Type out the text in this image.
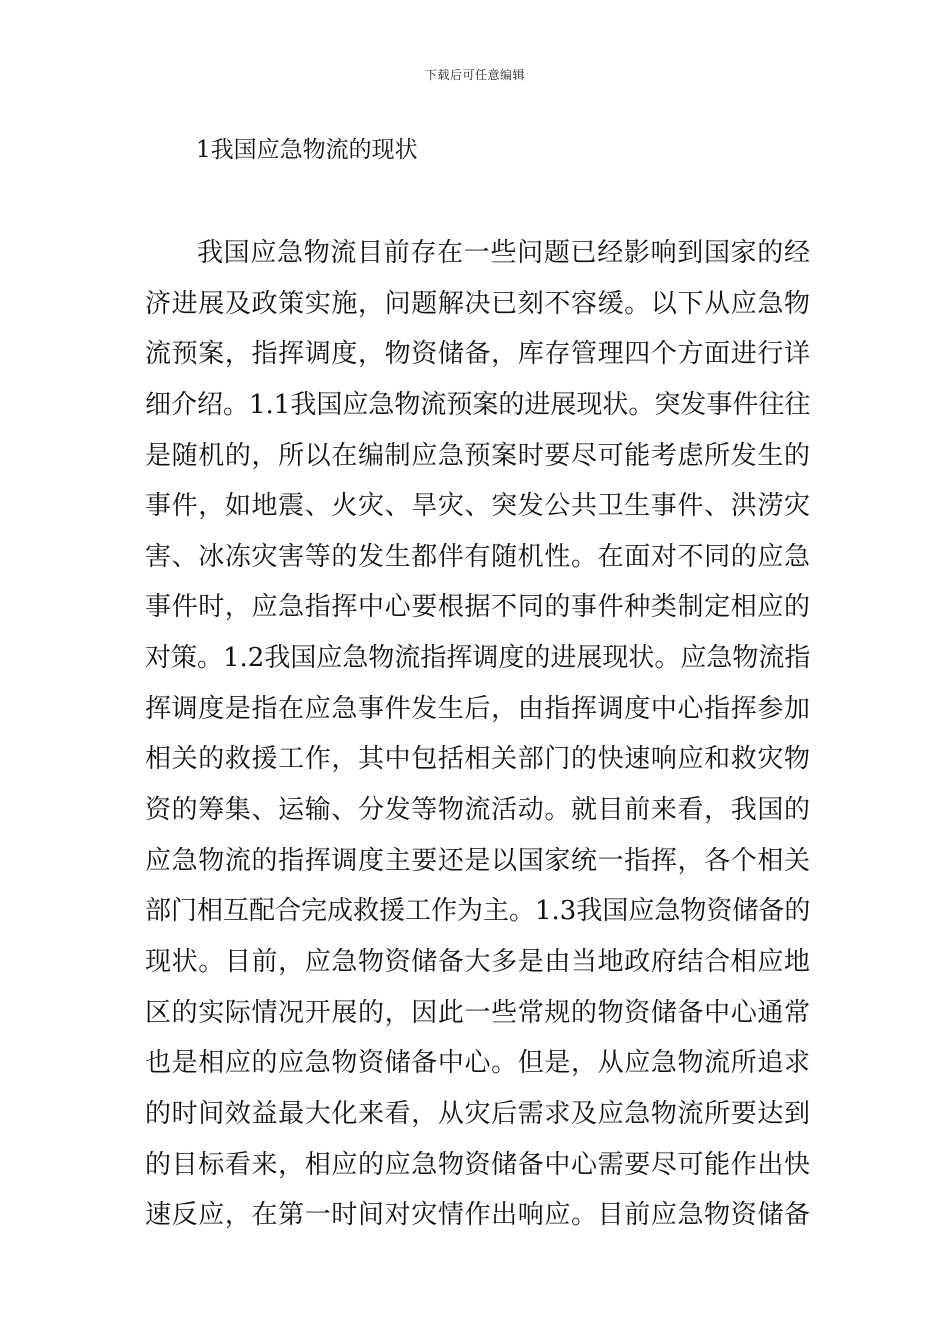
下载后可任意编辑
1我国应急物流的现状
我国应急物流目前存在一些问题已经影响到国家的经
济进展及政策实施，问题解决已刻不容缓。以下从应急物
流预案，指挥调度，物资储备，库存管理四个方面进行详
细介绍。1.1我国应急物流预案的进展现状。突发事件往往
是随机的，所以在编制应急预案时要尽可能考虑所发生的
事件，如地震、火灾、旱灾、突发公共卫生事件、洪涝灾
害、冰冻灾害等的发生都伴有随机性。在面对不同的应急
事件时，应急指挥中心要根据不同的事件种类制定相应的
对策。1.2我国应急物流指挥调度的进展现状。应急物流指
挥调度是指在应急事件发生后，由指挥调度中心指挥参加
相关的救援工作，其中包括相关部门的快速响应和救灾物
资的筹集、运输、分发等物流活动。就目前来看，我国的
应急物流的指挥调度主要还是以国家统一指挥，各个相关
部门相互配合完成救援工作为主。1.3我国应急物资储备的
现状。目前，应急物资储备大多是由当地政府结合相应地
区的实际情况开展的，因此一些常规的物资储备中心通常
也是相应的应急物资储备中心。但是，从应急物流所追求
的时间效益最大化来看，从灾后需求及应急物流所要达到
的目标看来，相应的应急物资储备中心需要尽可能作出快
速反应，在第一时间对灾情作出响应。目前应急物资储备
